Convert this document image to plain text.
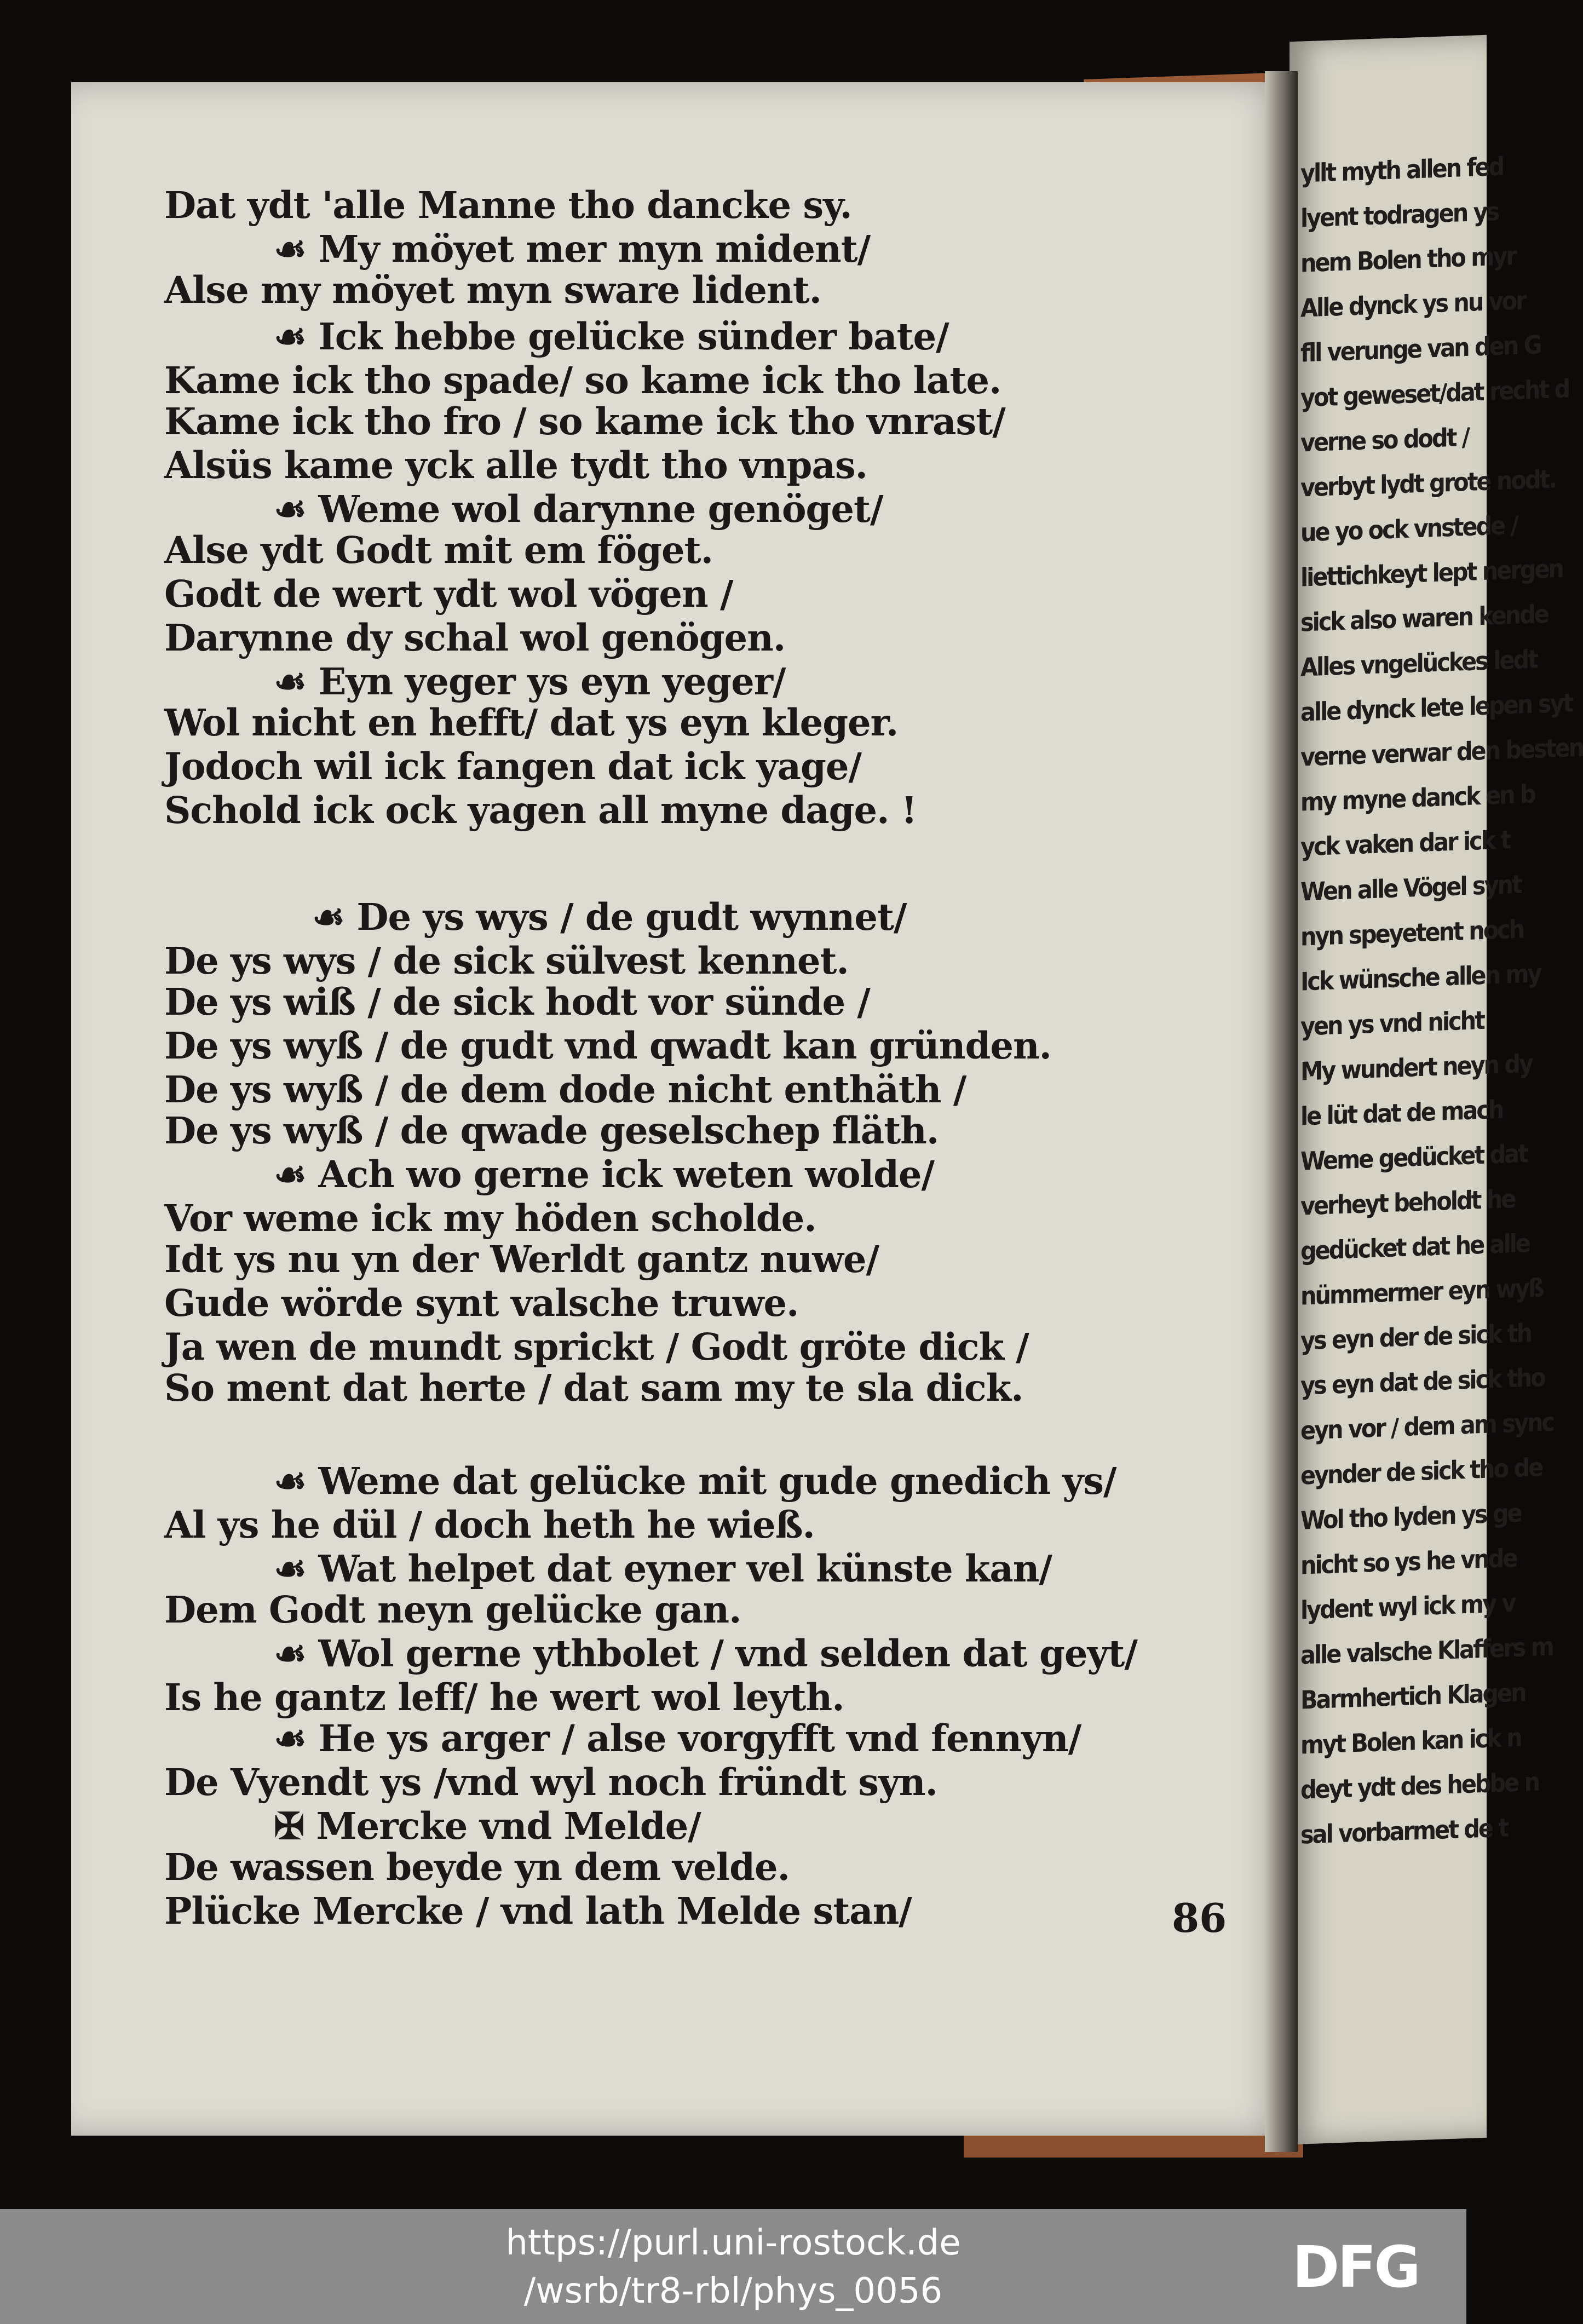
yllt myth allen fed
lyent todragen ys
nem Bolen tho myr
Alle dynck ys nu vor
fll verunge van den G
yot geweset/dat recht d
verne so dodt /
verbyt lydt grote nodt.
ue yo ock vnstede /
liettichkeyt lept nergen
sick also waren kende
Alles vngelückes ledt
alle dynck lete lepen syt
verne verwar den besten
my myne danck en b
yck vaken dar ick t
Wen alle Vögel synt
nyn speyetent noch
Ick wünsche allen my
yen ys vnd nicht
My wundert neyn dy
le lüt dat de mach
Weme gedücket dat
verheyt beholdt he
gedücket dat he alle
nümmermer eyn wyß
ys eyn der de sick th
ys eyn dat de sick tho
eyn vor / dem am sync
eynder de sick tho de
Wol tho lyden ys ge
nicht so ys he vnde
lydent wyl ick my v
alle valsche Klaffers m
Barmhertich Klagen
myt Bolen kan ick n
deyt ydt des hebbe n
sal vorbarmet de t
Dat ydt 'alle Manne tho dancke sy.
☙ My möyet mer myn mident/
Alse my möyet myn sware lident.
☙ Ick hebbe gelücke sünder bate/
Kame ick tho spade/ so kame ick tho late.
Kame ick tho fro / so kame ick tho vnrast/
Alsüs kame yck alle tydt tho vnpas.
☙ Weme wol darynne genöget/
Alse ydt Godt mit em föget.
Godt de wert ydt wol vögen /
Darynne dy schal wol genögen.
☙ Eyn yeger ys eyn yeger/
Wol nicht en hefft/ dat ys eyn kleger.
Jodoch wil ick fangen dat ick yage/
Schold ick ock yagen all myne dage. !
☙ De ys wys / de gudt wynnet/
De ys wys / de sick sülvest kennet.
De ys wiß / de sick hodt vor sünde /
De ys wyß / de gudt vnd qwadt kan gründen.
De ys wyß / de dem dode nicht enthäth /
De ys wyß / de qwade geselschep fläth.
☙ Ach wo gerne ick weten wolde/
Vor weme ick my höden scholde.
Idt ys nu yn der Werldt gantz nuwe/
Gude wörde synt valsche truwe.
Ja wen de mundt sprickt / Godt gröte dick /
So ment dat herte / dat sam my te sla dick.
☙ Weme dat gelücke mit gude gnedich ys/
Al ys he dül / doch heth he wieß.
☙ Wat helpet dat eyner vel künste kan/
Dem Godt neyn gelücke gan.
☙ Wol gerne ythbolet / vnd selden dat geyt/
Is he gantz leff/ he wert wol leyth.
☙ He ys arger / alse vorgyfft vnd fennyn/
De Vyendt ys /vnd wyl noch fründt syn.
✠ Mercke vnd Melde/
De wassen beyde yn dem velde.
Plücke Mercke / vnd lath Melde stan/	86
https://purl.uni-rostock.de
/wsrb/tr8-rbl/phys_0056	DFG
